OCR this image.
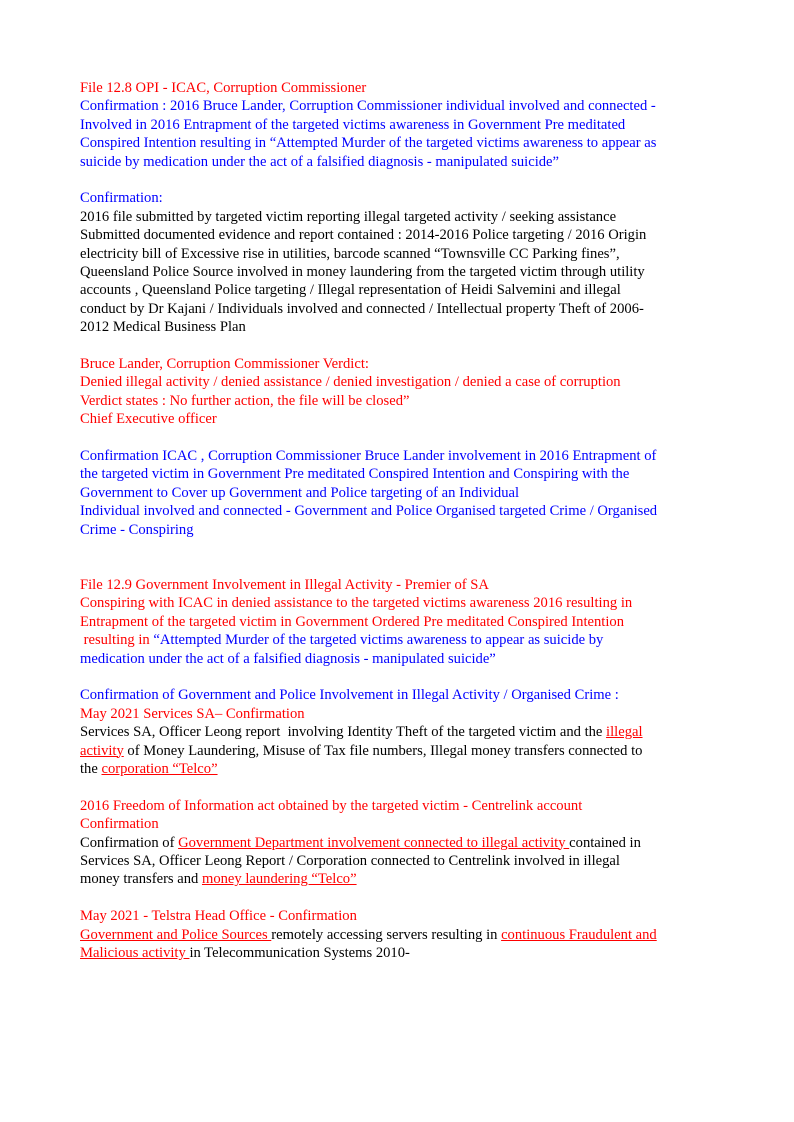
File 12.8 OPI - ICAC, Corruption Commissioner
Confirmation : 2016 Bruce Lander, Corruption Commissioner individual involved and connected -
Involved in 2016 Entrapment of the targeted victims awareness in Government Pre meditated
Conspired Intention resulting in “Attempted Murder of the targeted victims awareness to appear as
suicide by medication under the act of a falsified diagnosis - manipulated suicide”
Confirmation:
2016 file submitted by targeted victim reporting illegal targeted activity / seeking assistance
Submitted documented evidence and report contained : 2014-2016 Police targeting / 2016 Origin
electricity bill of Excessive rise in utilities, barcode scanned “Townsville CC Parking fines”,
Queensland Police Source involved in money laundering from the targeted victim through utility
accounts , Queensland Police targeting / Illegal representation of Heidi Salvemini and illegal
conduct by Dr Kajani / Individuals involved and connected / Intellectual property Theft of 2006-
2012 Medical Business Plan
Bruce Lander, Corruption Commissioner Verdict:
Denied illegal activity / denied assistance / denied investigation / denied a case of corruption
Verdict states : No further action, the file will be closed”
Chief Executive officer
Confirmation ICAC , Corruption Commissioner Bruce Lander involvement in 2016 Entrapment of
the targeted victim in Government Pre meditated Conspired Intention and Conspiring with the
Government to Cover up Government and Police targeting of an Individual
Individual involved and connected - Government and Police Organised targeted Crime / Organised
Crime - Conspiring
File 12.9 Government Involvement in Illegal Activity - Premier of SA
Conspiring with ICAC in denied assistance to the targeted victims awareness 2016 resulting in
Entrapment of the targeted victim in Government Ordered Pre meditated Conspired Intention
resulting in “Attempted Murder of the targeted victims awareness to appear as suicide by
medication under the act of a falsified diagnosis - manipulated suicide”
Confirmation of Government and Police Involvement in Illegal Activity / Organised Crime :
May 2021 Services SA– Confirmation
Services SA, Officer Leong report  involving Identity Theft of the targeted victim and the illegal
activity of Money Laundering, Misuse of Tax file numbers, Illegal money transfers connected to
the corporation “Telco”
2016 Freedom of Information act obtained by the targeted victim - Centrelink account
Confirmation
Confirmation of Government Department involvement connected to illegal activity contained in
Services SA, Officer Leong Report / Corporation connected to Centrelink involved in illegal
money transfers and money laundering “Telco”
May 2021 - Telstra Head Office - Confirmation
Government and Police Sources remotely accessing servers resulting in continuous Fraudulent and
Malicious activity in Telecommunication Systems 2010-
